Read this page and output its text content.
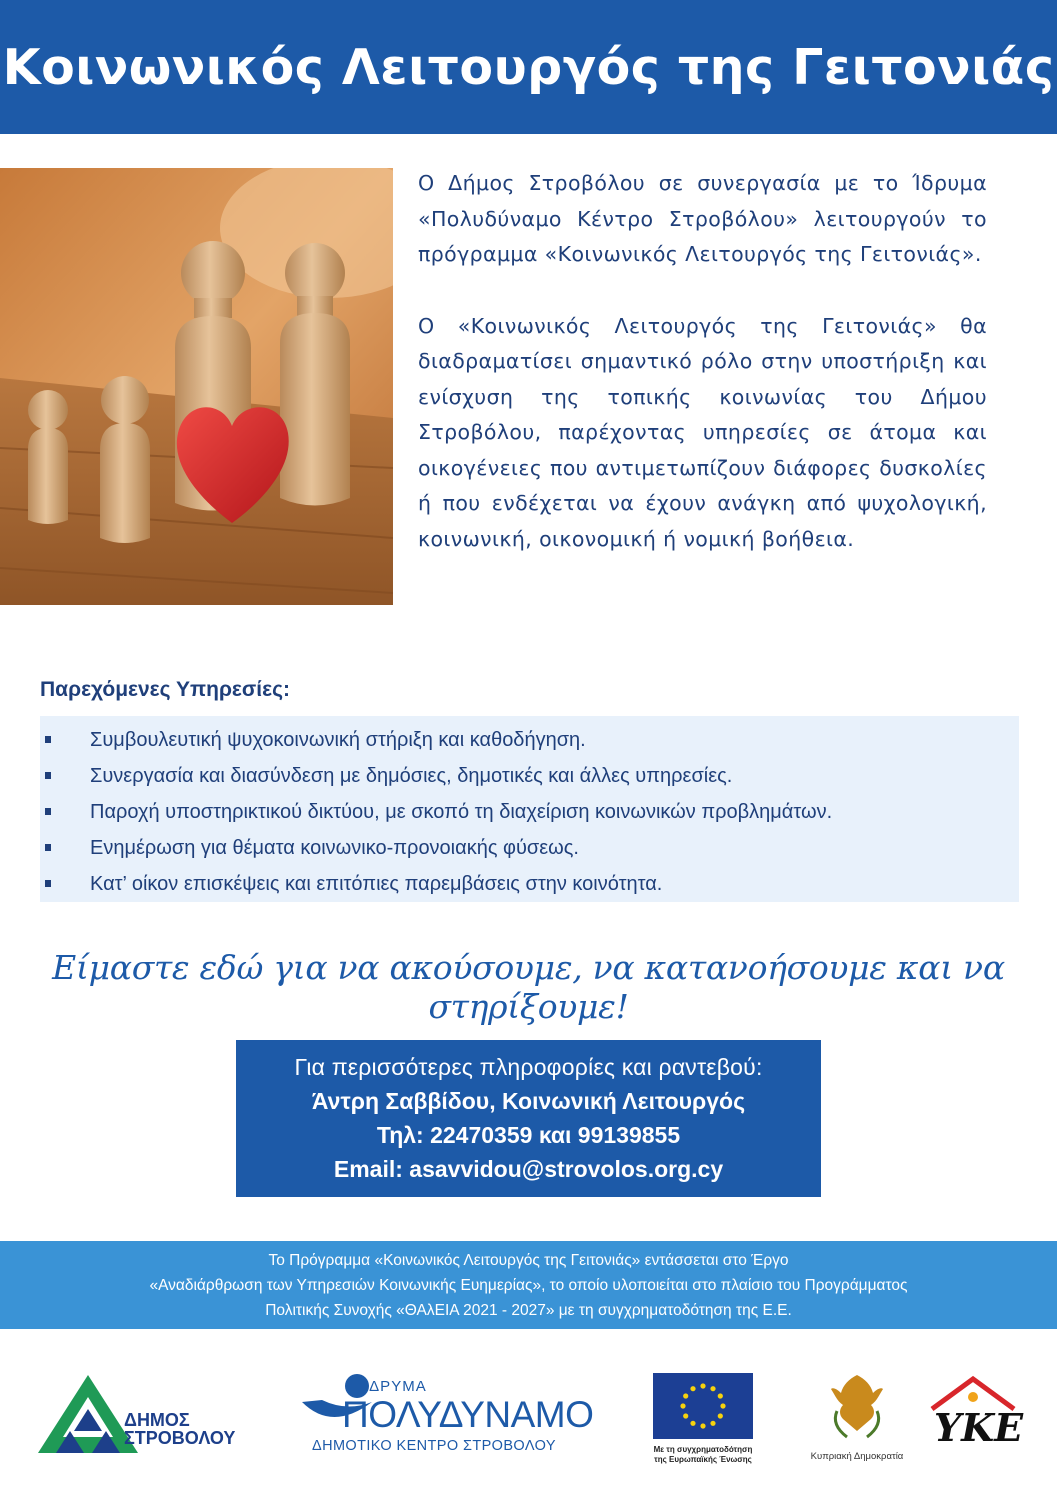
Κοινωνικός Λειτουργός της Γειτονιάς

Ο Δήμος Στροβόλου σε συνεργασία με το Ίδρυμα «Πολυδύναμο Κέντρο Στροβόλου» λειτουργούν το πρόγραμμα «Κοινωνικός Λειτουργός της Γειτονιάς».

Ο «Κοινωνικός Λειτουργός της Γειτονιάς» θα διαδραματίσει σημαντικό ρόλο στην υποστήριξη και ενίσχυση της τοπικής κοινωνίας του Δήμου Στροβόλου, παρέχοντας υπηρεσίες σε άτομα και οικογένειες που αντιμετωπίζουν διάφορες δυσκολίες ή που ενδέχεται να έχουν ανάγκη από ψυχολογική, κοινωνική, οικονομική ή νομική βοήθεια.

Παρεχόμενες Υπηρεσίες:
Συμβουλευτική ψυχοκοινωνική στήριξη και καθοδήγηση.
Συνεργασία και διασύνδεση με δημόσιες, δημοτικές και άλλες υπηρεσίες.
Παροχή υποστηρικτικού δικτύου, με σκοπό τη διαχείριση κοινωνικών προβλημάτων.
Ενημέρωση για θέματα κοινωνικο-προνοιακής φύσεως.
Κατ’ οίκον επισκέψεις και επιτόπιες παρεμβάσεις στην κοινότητα.
Είμαστε εδώ για να ακούσουμε, να κατανοήσουμε και να στηρίξουμε!
Για περισσότερες πληροφορίες και ραντεβού:
Άντρη Σαββίδου, Κοινωνική Λειτουργός
Τηλ: 22470359 και 99139855
Email: asavvidou@strovolos.org.cy
Το Πρόγραμμα «Κοινωνικός Λειτουργός της Γειτονιάς» εντάσσεται στο Έργο
«Αναδιάρθρωση των Υπηρεσιών Κοινωνικής Ευημερίας», το οποίο υλοποιείται στο πλαίσιο του Προγράμματος
Πολιτικής Συνοχής «ΘΑλΕΙΑ 2021 - 2027» με τη συγχρηματοδότηση της Ε.Ε.
ΔΗΜΟΣ
ΣΤΡΟΒΟΛΟΥ
ΙΔΡΥΜΑ
ΠΟΛΥΔΥΝΑΜΟ
ΔΗΜΟΤΙΚΟ ΚΕΝΤΡΟ ΣΤΡΟΒΟΛΟΥ	Με τη συγχρηματοδότηση
της Ευρωπαϊκής Ένωσης	Κυπριακή Δημοκρατία
ΥΚΕ
